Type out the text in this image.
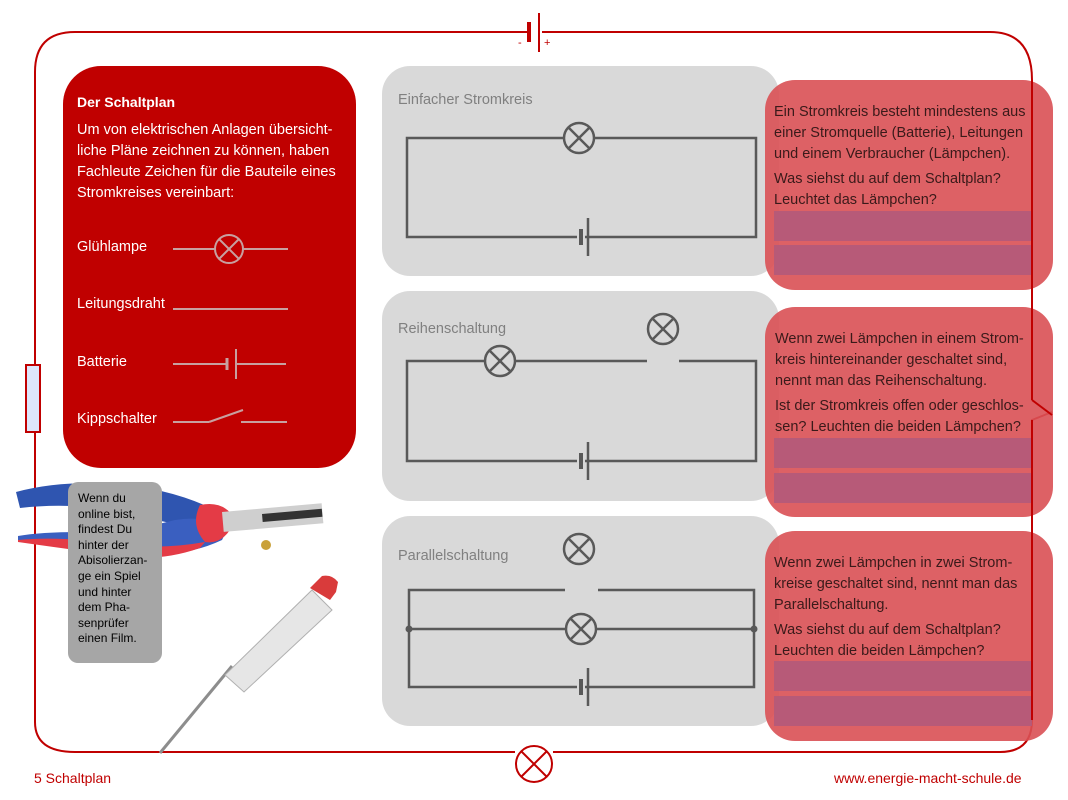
- +
Der Schaltplan
Um von elektrischen Anlagen übersicht-liche Pläne zeichnen zu können, haben Fachleute Zeichen für die Bauteile eines Stromkreises vereinbart:
Glühlampe
Leitungsdraht
Batterie
Kippschalter
Wenn du online bist, findest Du hinter der Abisolierzan-ge ein Spiel und hinter dem Pha-senprüfer einen Film.
Einfacher Stromkreis
Reihenschaltung
Parallelschaltung
Ein Stromkreis besteht mindestens aus einer Stromquelle (Batterie), Leitungen und einem Verbraucher (Lämpchen).
Was siehst du auf dem Schaltplan? Leuchtet das Lämpchen?
Wenn zwei Lämpchen in einem Strom-kreis hintereinander geschaltet sind, nennt man das Reihenschaltung.
Ist der Stromkreis offen oder geschlos-sen? Leuchten die beiden Lämpchen?
Wenn zwei Lämpchen in zwei Strom-kreise geschaltet sind, nennt man das Parallelschaltung.
Was siehst du auf dem Schaltplan? Leuchten die beiden Lämpchen?
5 Schaltplan	www.energie-macht-schule.de
